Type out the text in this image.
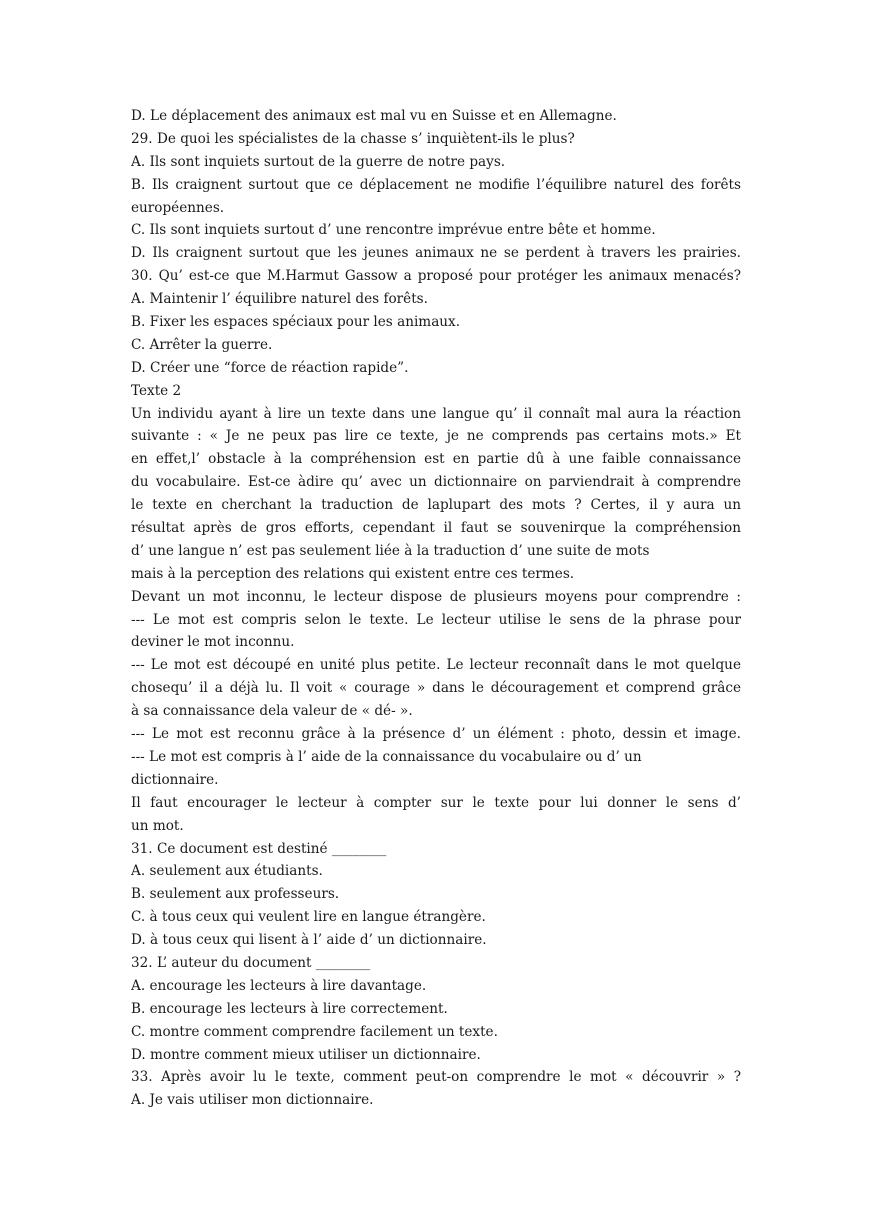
D. Le déplacement des animaux est mal vu en Suisse et en Allemagne.
29. De quoi les spécialistes de la chasse s’ inquiètent-ils le plus?
A. Ils sont inquiets surtout de la guerre de notre pays.
B. Ils craignent surtout que ce déplacement ne modifie l’équilibre naturel des forêts
européennes.
C. Ils sont inquiets surtout d’ une rencontre imprévue entre bête et homme.
D. Ils craignent surtout que les jeunes animaux ne se perdent à travers les prairies.
30. Qu’ est-ce que M.Harmut Gassow a proposé pour protéger les animaux menacés?
A. Maintenir l’ équilibre naturel des forêts.
B. Fixer les espaces spéciaux pour les animaux.
C. Arrêter la guerre.
D. Créer une “force de réaction rapide”.
Texte 2
Un individu ayant à lire un texte dans une langue qu’ il connaît mal aura la réaction
suivante : « Je ne peux pas lire ce texte, je ne comprends pas certains mots.» Et
en effet,l’ obstacle à la compréhension est en partie dû à une faible connaissance
du vocabulaire. Est-ce àdire qu’ avec un dictionnaire on parviendrait à comprendre
le texte en cherchant la traduction de laplupart des mots ? Certes, il y aura un
résultat après de gros efforts, cependant il faut se souvenirque la compréhension
d’ une langue n’ est pas seulement liée à la traduction d’ une suite de mots
mais à la perception des relations qui existent entre ces termes.
Devant un mot inconnu, le lecteur dispose de plusieurs moyens pour comprendre :
--- Le mot est compris selon le texte. Le lecteur utilise le sens de la phrase pour
deviner le mot inconnu.
--- Le mot est découpé en unité plus petite. Le lecteur reconnaît dans le mot quelque
chosequ’ il a déjà lu. Il voit « courage » dans le découragement et comprend grâce
à sa connaissance dela valeur de « dé- ».
--- Le mot est reconnu grâce à la présence d’ un élément : photo, dessin et image.
--- Le mot est compris à l’ aide de la connaissance du vocabulaire ou d’ un
dictionnaire.
Il faut encourager le lecteur à compter sur le texte pour lui donner le sens d’
un mot.
31. Ce document est destiné ________
A. seulement aux étudiants.
B. seulement aux professeurs.
C. à tous ceux qui veulent lire en langue étrangère.
D. à tous ceux qui lisent à l’ aide d’ un dictionnaire.
32. L’ auteur du document ________
A. encourage les lecteurs à lire davantage.
B. encourage les lecteurs à lire correctement.
C. montre comment comprendre facilement un texte.
D. montre comment mieux utiliser un dictionnaire.
33. Après avoir lu le texte, comment peut-on comprendre le mot « découvrir » ?
A. Je vais utiliser mon dictionnaire.
